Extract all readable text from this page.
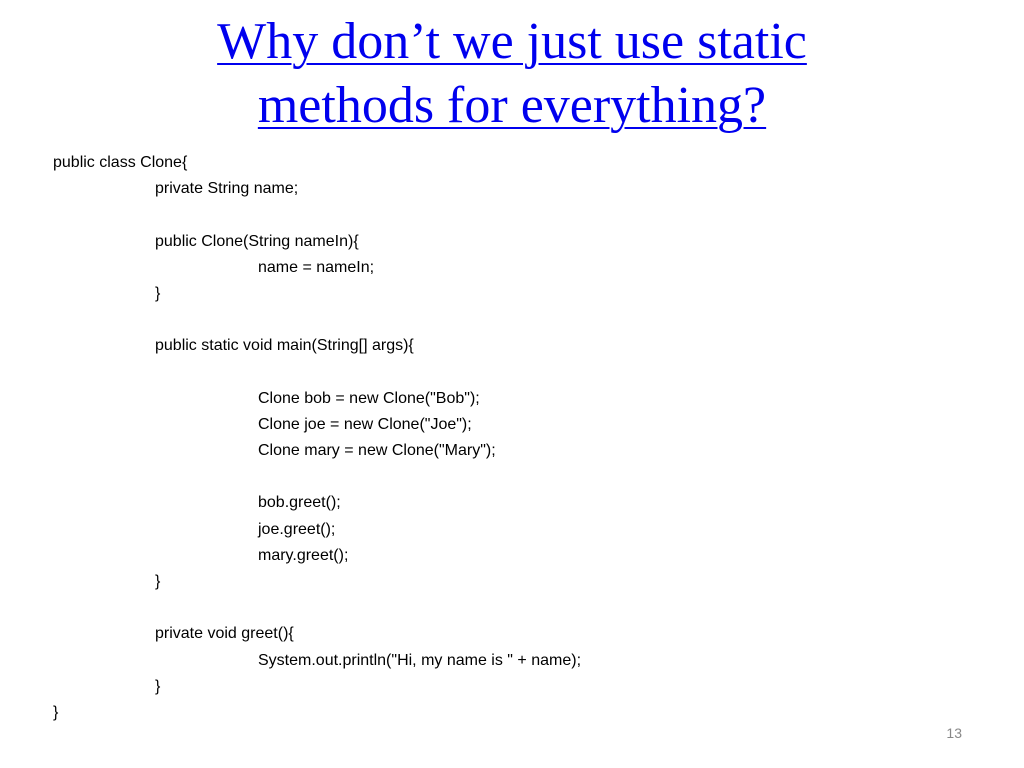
Why don’t we just use static
methods for everything?
public class Clone{
private String name;
public Clone(String nameIn){
name = nameIn;
}
public static void main(String[] args){
Clone bob = new Clone("Bob");
Clone joe = new Clone("Joe");
Clone mary = new Clone("Mary");
bob.greet();
joe.greet();
mary.greet();
}
private void greet(){
System.out.println("Hi, my name is " + name);
}
}
13
